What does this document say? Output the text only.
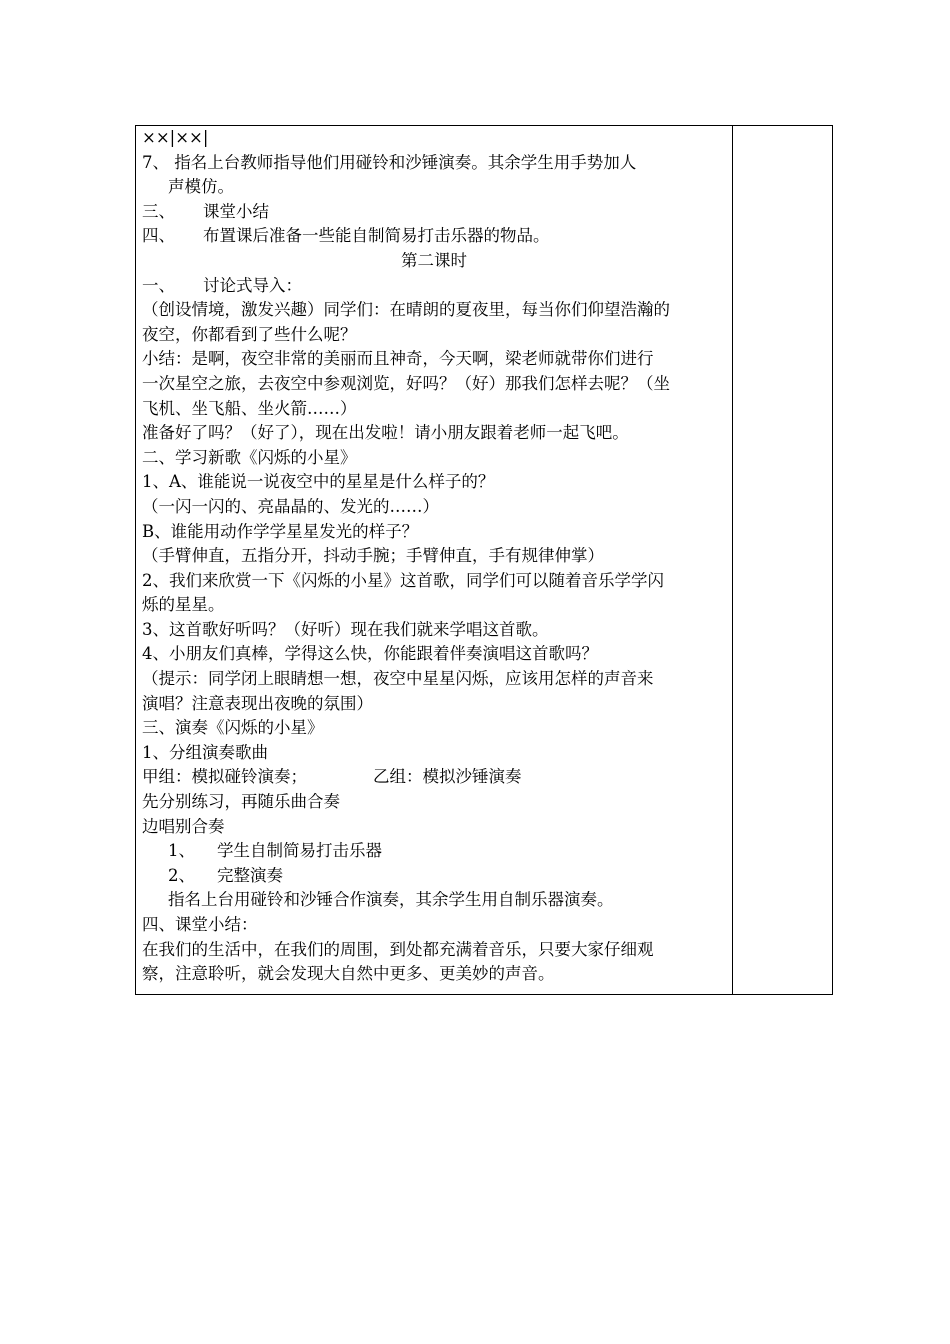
××|××|
7、 指名上台教师指导他们用碰铃和沙锤演奏。其余学生用手势加人
声模仿。
三、 课堂小结
四、 布置课后准备一些能自制简易打击乐器的物品。
第二课时
一、 讨论式导入：
（创设情境，激发兴趣）同学们：在晴朗的夏夜里，每当你们仰望浩瀚的
夜空，你都看到了些什么呢？
小结：是啊，夜空非常的美丽而且神奇，今天啊，梁老师就带你们进行
一次星空之旅，去夜空中参观浏览，好吗？（好）那我们怎样去呢？（坐
飞机、坐飞船、坐火箭……）
准备好了吗？（好了），现在出发啦！请小朋友跟着老师一起飞吧。
二、学习新歌《闪烁的小星》
1、A、谁能说一说夜空中的星星是什么样子的？
（一闪一闪的、亮晶晶的、发光的……）
B、谁能用动作学学星星发光的样子？
（手臂伸直，五指分开，抖动手腕；手臂伸直，手有规律伸掌）
2、我们来欣赏一下《闪烁的小星》这首歌，同学们可以随着音乐学学闪
烁的星星。
3、这首歌好听吗？（好听）现在我们就来学唱这首歌。
4、小朋友们真棒，学得这么快，你能跟着伴奏演唱这首歌吗？
（提示：同学闭上眼睛想一想，夜空中星星闪烁，应该用怎样的声音来
演唱？注意表现出夜晚的氛围）
三、演奏《闪烁的小星》
1、分组演奏歌曲
甲组：模拟碰铃演奏；	乙组：模拟沙锤演奏
先分别练习，再随乐曲合奏
边唱别合奏
1、 学生自制简易打击乐器
2、 完整演奏
指名上台用碰铃和沙锤合作演奏，其余学生用自制乐器演奏。
四、课堂小结：
在我们的生活中，在我们的周围，到处都充满着音乐，只要大家仔细观
察，注意聆听，就会发现大自然中更多、更美妙的声音。
